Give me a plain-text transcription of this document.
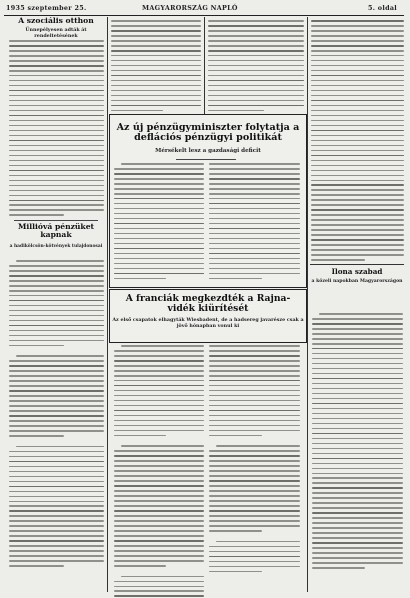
1935 szeptember 25.	MAGYARORSZÁG NAPLÓ	5. oldal
A szociális otthon
Ünnepélyesen adták át rendeltetésének
Millióvá pénzüket kapnak
a hadikölcsön-kötvények tulajdonosai
Az új pénzügyminiszter folytatja a deflációs pénzügyi politikát
Mérsékelt lesz a gazdasági deficit
A franciák megkezdték a Rajna-vidék kiürítését
Az első csapatok elhagyták Wiesbadent, de a hadsereg javarésze csak a jövő hónapban vonul ki
Ilona szabad
a közeli napokban Magyarországon
